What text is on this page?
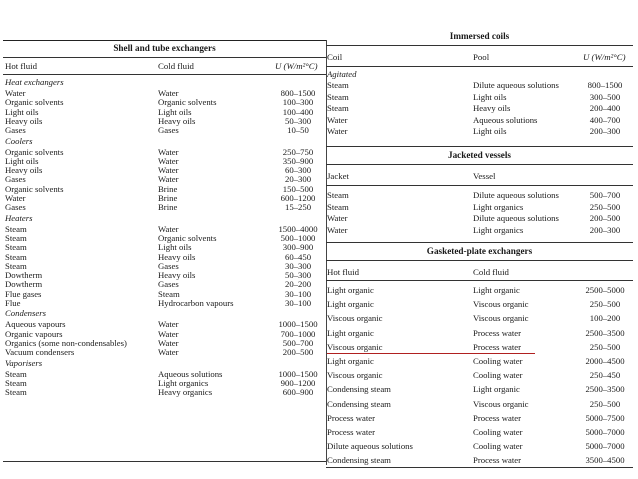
Shell and tube exchangers
Hot fluid	Cold fluid	U (W/m²°C)
Heat exchangers
Water	Water	800–1500
Organic solvents	Organic solvents	100–300
Light oils	Light oils	100–400
Heavy oils	Heavy oils	50–300
Gases	Gases	10–50
Coolers
Organic solvents	Water	250–750
Light oils	Water	350–900
Heavy oils	Water	60–300
Gases	Water	20–300
Organic solvents	Brine	150–500
Water	Brine	600–1200
Gases	Brine	15–250
Heaters
Steam	Water	1500–4000
Steam	Organic solvents	500–1000
Steam	Light oils	300–900
Steam	Heavy oils	60–450
Steam	Gases	30–300
Dowtherm	Heavy oils	50–300
Dowtherm	Gases	20–200
Flue gases	Steam	30–100
Flue	Hydrocarbon vapours	30–100
Condensers
Aqueous vapours	Water	1000–1500
Organic vapours	Water	700–1000
Organics (some non-condensables)	Water	500–700
Vacuum condensers	Water	200–500
Vaporisers
Steam	Aqueous solutions	1000–1500
Steam	Light organics	900–1200
Steam	Heavy organics	600–900
Immersed coils
Coil	Pool	U (W/m²°C)
Agitated
Steam	Dilute aqueous solutions	800–1500
Steam	Light oils	300–500
Steam	Heavy oils	200–400
Water	Aqueous solutions	400–700
Water	Light oils	200–300
Jacketed vessels
Jacket	Vessel
Steam	Dilute aqueous solutions	500–700
Steam	Light organics	250–500
Water	Dilute aqueous solutions	200–500
Water	Light organics	200–300
Gasketed-plate exchangers
Hot fluid	Cold fluid
Light organic	Light organic	2500–5000
Light organic	Viscous organic	250–500
Viscous organic	Viscous organic	100–200
Light organic	Process water	2500–3500
Viscous organic	Process water	250–500
Light organic	Cooling water	2000–4500
Viscous organic	Cooling water	250–450
Condensing steam	Light organic	2500–3500
Condensing steam	Viscous organic	250–500
Process water	Process water	5000–7500
Process water	Cooling water	5000–7000
Dilute aqueous solutions	Cooling water	5000–7000
Condensing steam	Process water	3500–4500
